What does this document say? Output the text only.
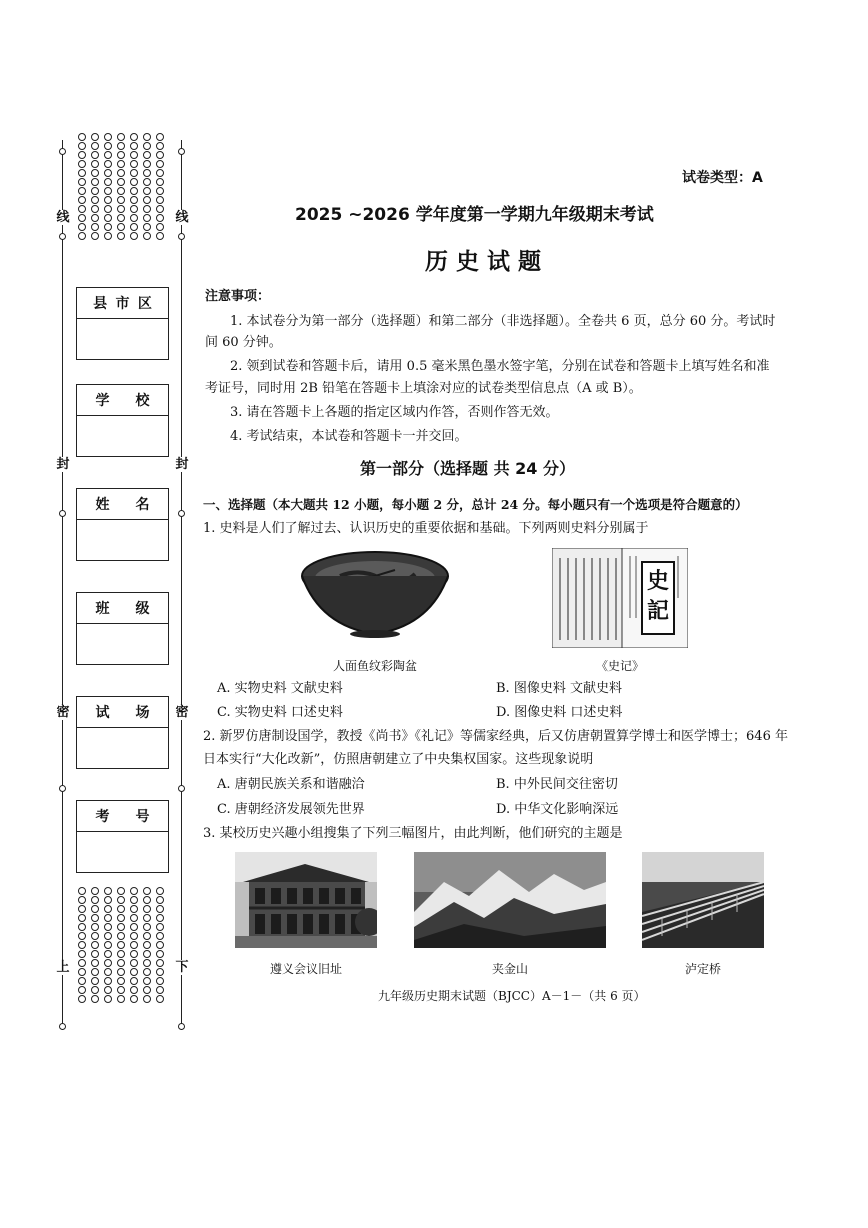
线	线
封	封
密	密
上	下
县 市 区
学 校
姓 名
班 级
试 场
考 号
试卷类型：A
2025 ~2026 学年度第一学期九年级期末考试
历 史 试 题
注意事项：
1. 本试卷分为第一部分（选择题）和第二部分（非选择题）。全卷共 6 页，总分 60 分。考试时
间 60 分钟。
2. 领到试卷和答题卡后，请用 0.5 毫米黑色墨水签字笔，分别在试卷和答题卡上填写姓名和准
考证号，同时用 2B 铅笔在答题卡上填涂对应的试卷类型信息点（A 或 B）。
3. 请在答题卡上各题的指定区域内作答，否则作答无效。
4. 考试结束，本试卷和答题卡一并交回。
第一部分（选择题 共 24 分）
一、选择题（本大题共 12 小题，每小题 2 分，总计 24 分。每小题只有一个选项是符合题意的）
1. 史料是人们了解过去、认识历史的重要依据和基础。下列两则史料分别属于
人面鱼纹彩陶盆
史記
《史记》
A. 实物史料 文献史料	B. 图像史料 文献史料
C. 实物史料 口述史料	D. 图像史料 口述史料
2. 新罗仿唐制设国学，教授《尚书》《礼记》等儒家经典，后又仿唐朝置算学博士和医学博士；646 年
日本实行“大化改新”，仿照唐朝建立了中央集权国家。这些现象说明
A. 唐朝民族关系和谐融洽	B. 中外民间交往密切
C. 唐朝经济发展领先世界	D. 中华文化影响深远
3. 某校历史兴趣小组搜集了下列三幅图片，由此判断，他们研究的主题是
遵义会议旧址	夹金山	泸定桥
九年级历史期末试题（BJCC）A－1－（共 6 页）
